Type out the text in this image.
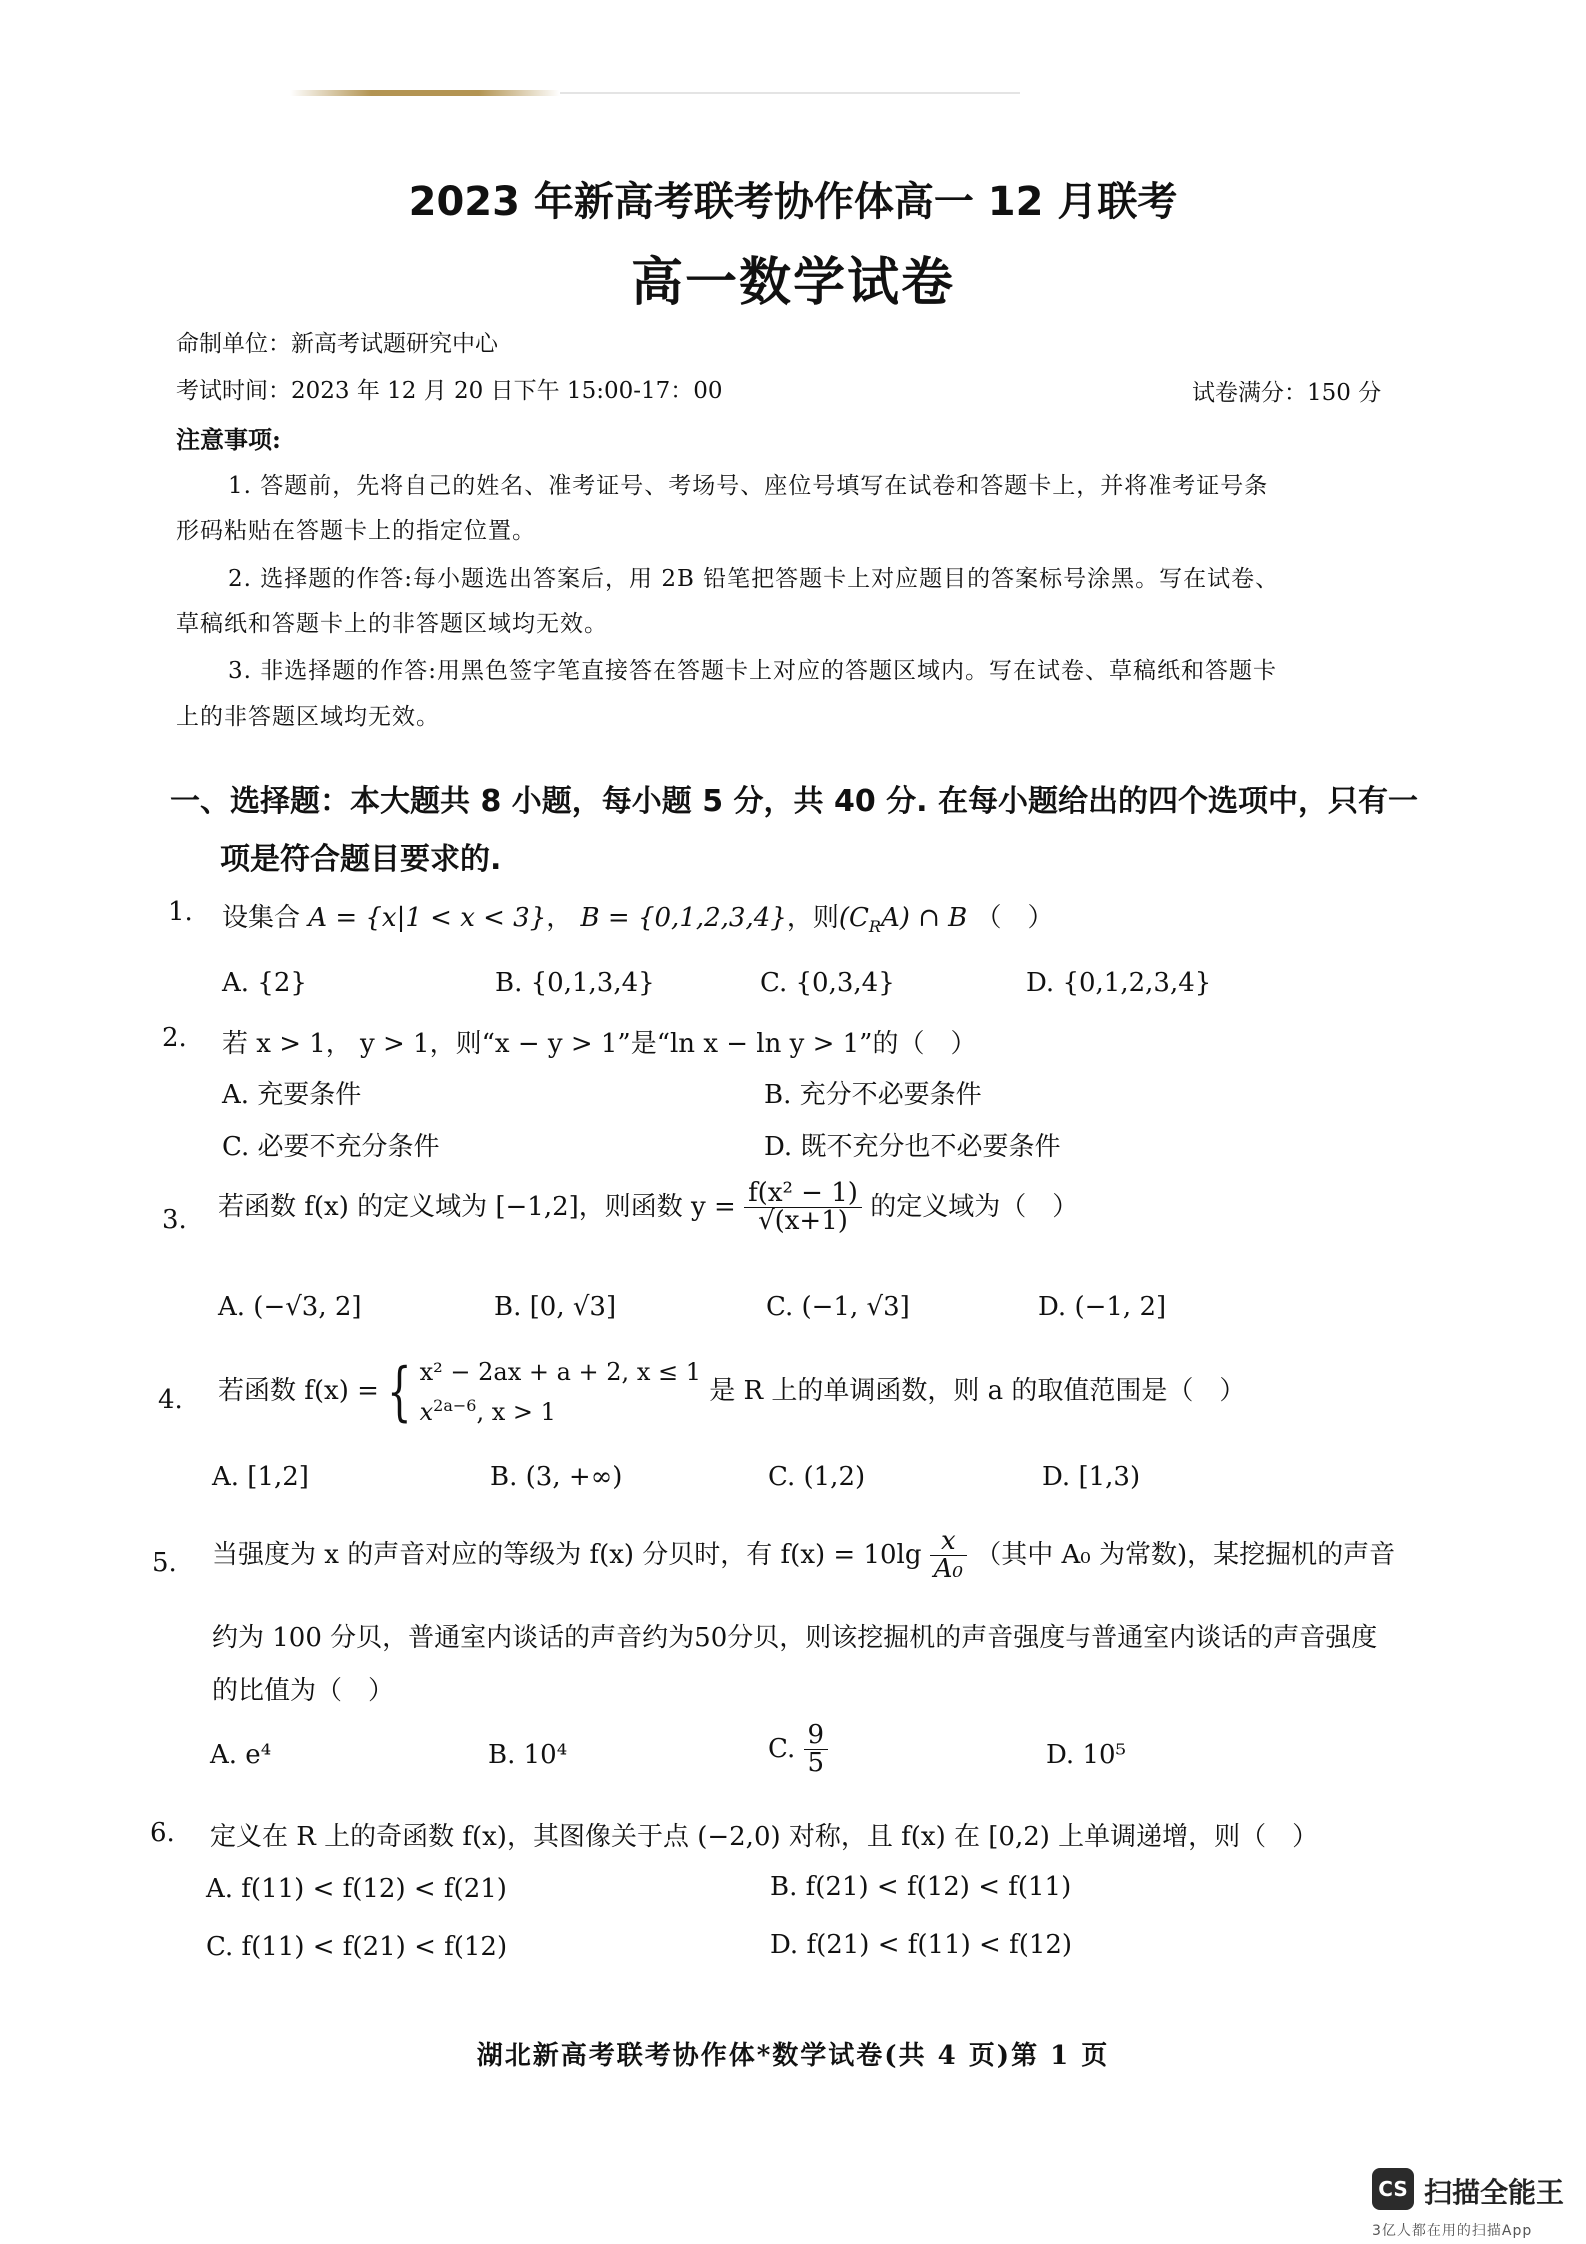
2023 年新高考联考协作体高一 12 月联考
高一数学试卷
命制单位：新高考试题研究中心
考试时间：2023 年 12 月 20 日下午 15:00-17：00	试卷满分：150 分
注意事项:
1. 答题前，先将自己的姓名、准考证号、考场号、座位号填写在试卷和答题卡上，并将准考证号条
形码粘贴在答题卡上的指定位置。
2. 选择题的作答:每小题选出答案后，用 2B 铅笔把答题卡上对应题目的答案标号涂黑。写在试卷、
草稿纸和答题卡上的非答题区域均无效。
3. 非选择题的作答:用黑色签字笔直接答在答题卡上对应的答题区域内。写在试卷、草稿纸和答题卡
上的非答题区域均无效。
一、选择题：本大题共 8 小题，每小题 5 分，共 40 分. 在每小题给出的四个选项中，只有一
项是符合题目要求的.
1. 设集合 A = {x|1 < x < 3}， B = {0,1,2,3,4}，则$(C_RA)$ ∩ B （　）
A. {2}	B. {0,1,3,4}	C. {0,3,4}	D. {0,1,2,3,4}
2. 若 x > 1， y > 1，则“x − y > 1”是“ln x − ln y > 1”的（　）
A. 充要条件	B. 充分不必要条件
C. 必要不充分条件	D. 既不充分也不必要条件
3. 若函数 f(x) 的定义域为 [−1,2]，则函数 $y = \frac{\text{f(x² − 1)}}{√(x+1)}$ 的定义域为（　）
A. (−√3, 2]	B. [0, √3]	C. (−1, √3]	D. (−1, 2]
4. 若函数 f(x) = { x² − 2ax + a + 2, x ≤ 1
$x^{2a-6}$, x > 1
是 R 上的单调函数，则 a 的取值范围是（　）
A. [1,2]	B. (3, +∞)	C. (1,2)	D. [1,3)
5. 当强度为 x 的声音对应的等级为 f(x) 分贝时，有 $f(x) = 10\lg \frac{x}{\text{A₀}}$ （其中 A₀ 为常数)，某挖掘机的声音
约为 100 分贝，普通室内谈话的声音约为50分贝，则该挖掘机的声音强度与普通室内谈话的声音强度
的比值为（　）
A. e⁴	B. 10⁴	C. $\frac{9}{5}$	D. 10⁵
6. 定义在 R 上的奇函数 f(x)，其图像关于点 (−2,0) 对称，且 f(x) 在 [0,2) 上单调递增，则（　）
A. f(11) < f(12) < f(21)	B. f(21) < f(12) < f(11)
C. f(11) < f(21) < f(12)	D. f(21) < f(11) < f(12)
湖北新高考联考协作体*数学试卷(共 4 页)第 1 页
CS 扫描全能王
3亿人都在用的扫描App
